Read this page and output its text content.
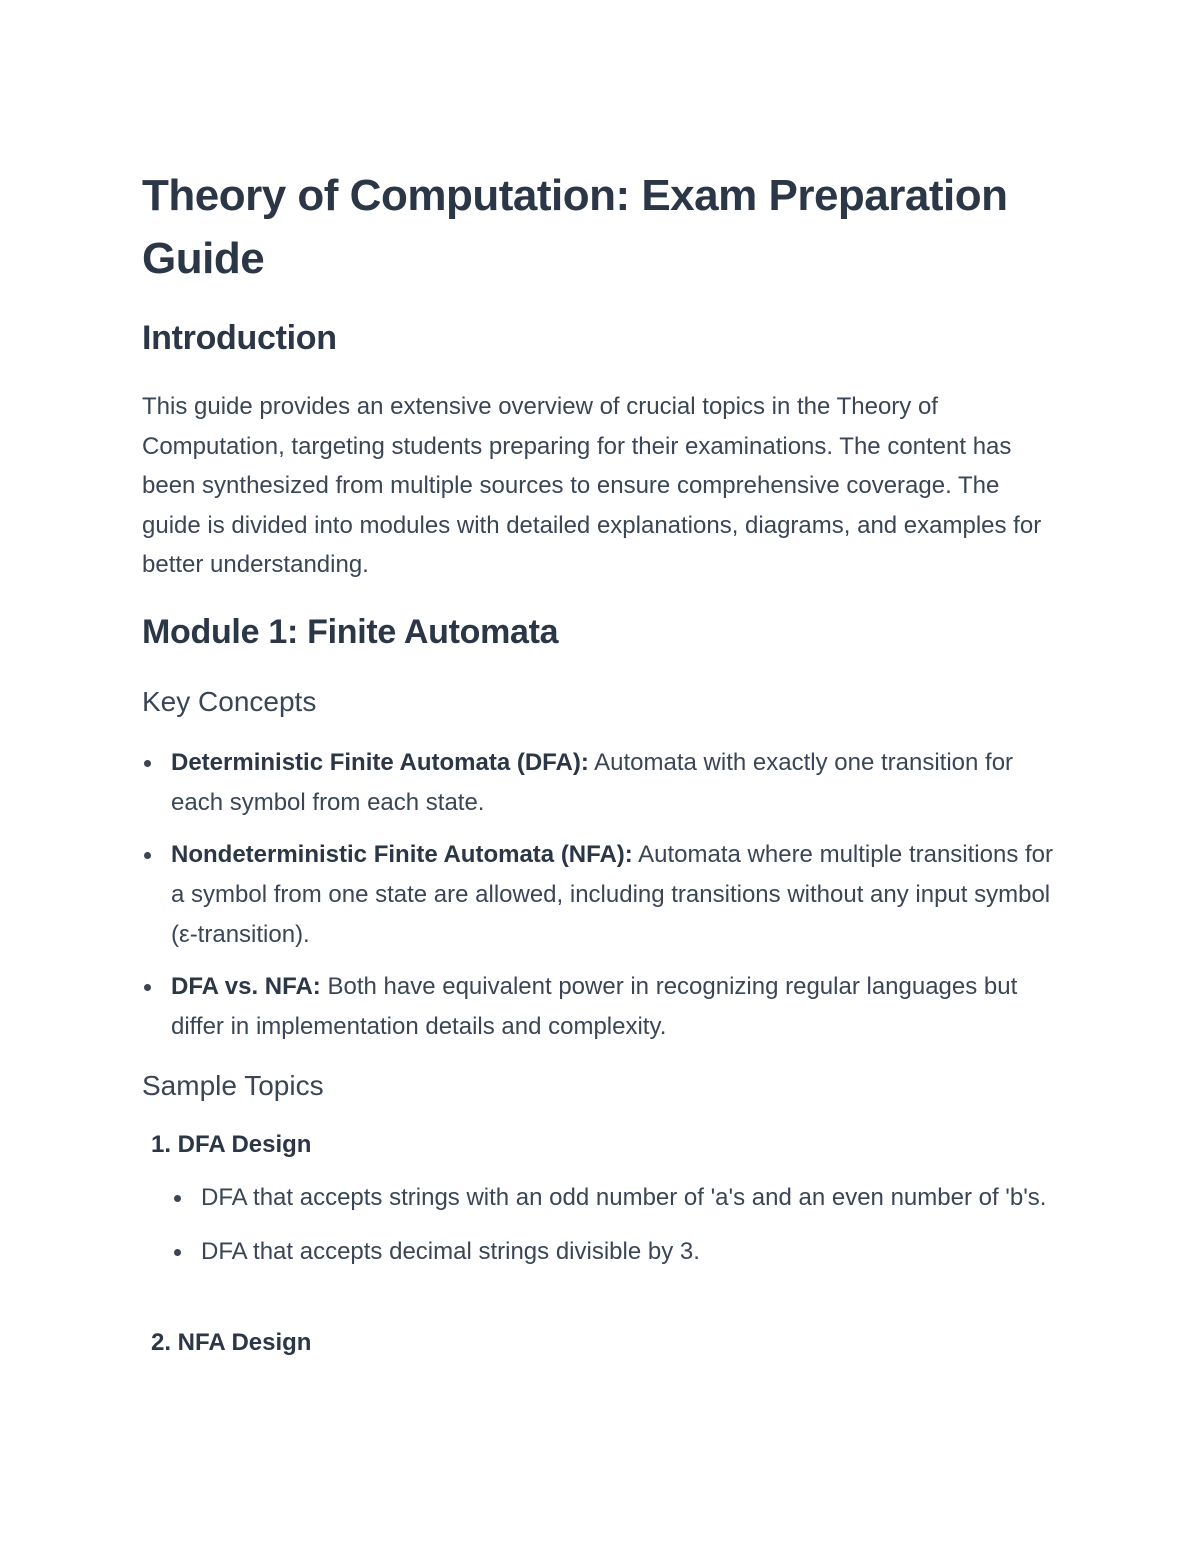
Theory of Computation: Exam Preparation Guide
Introduction

This guide provides an extensive overview of crucial topics in the Theory of Computation, targeting students preparing for their examinations. The content has been synthesized from multiple sources to ensure comprehensive coverage. The guide is divided into modules with detailed explanations, diagrams, and examples for better understanding.

Module 1: Finite Automata
Key Concepts
Deterministic Finite Automata (DFA): Automata with exactly one transition for each symbol from each state.
Nondeterministic Finite Automata (NFA): Automata where multiple transitions for a symbol from one state are allowed, including transitions without any input symbol (ε-transition).
DFA vs. NFA: Both have equivalent power in recognizing regular languages but differ in implementation details and complexity.
Sample Topics
1. DFA Design
DFA that accepts strings with an odd number of 'a's and an even number of 'b's.
DFA that accepts decimal strings divisible by 3.
2. NFA Design
